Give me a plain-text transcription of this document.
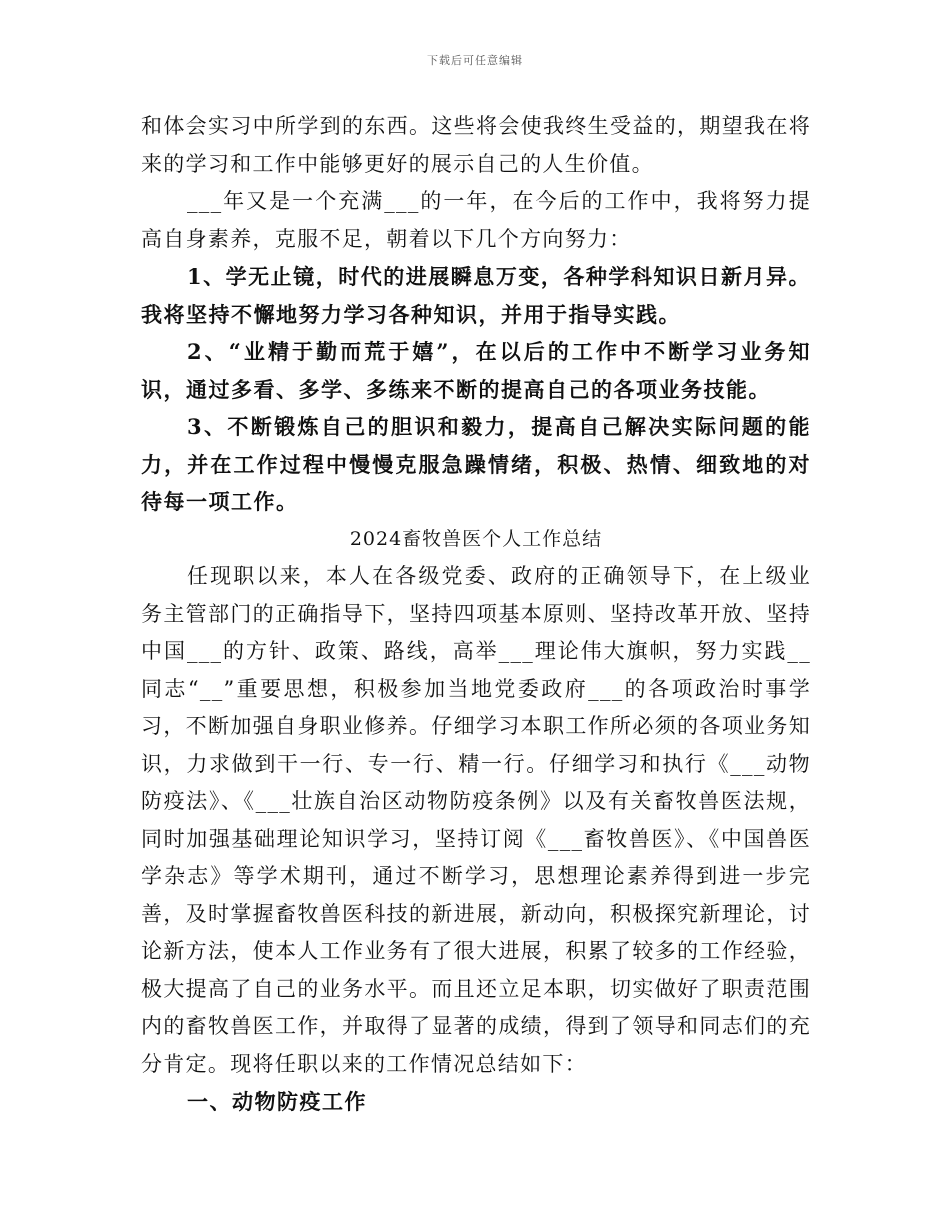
下载后可任意编辑

和体会实习中所学到的东西。这些将会使我终生受益的，期望我在将来的学习和工作中能够更好的展示自己的人生价值。

___年又是一个充满___的一年，在今后的工作中，我将努力提高自身素养，克服不足，朝着以下几个方向努力：

1、学无止镜，时代的进展瞬息万变，各种学科知识日新月异。我将坚持不懈地努力学习各种知识，并用于指导实践。

2、“业精于勤而荒于嬉”，在以后的工作中不断学习业务知识，通过多看、多学、多练来不断的提高自己的各项业务技能。

3、不断锻炼自己的胆识和毅力，提高自己解决实际问题的能力，并在工作过程中慢慢克服急躁情绪，积极、热情、细致地的对待每一项工作。

2024畜牧兽医个人工作总结

任现职以来，本人在各级党委、政府的正确领导下，在上级业务主管部门的正确指导下，坚持四项基本原则、坚持改革开放、坚持中国___的方针、政策、路线，高举___理论伟大旗帜，努力实践__同志“__”重要思想，积极参加当地党委政府___的各项政治时事学习，不断加强自身职业修养。仔细学习本职工作所必须的各项业务知识，力求做到干一行、专一行、精一行。仔细学习和执行《___动物防疫法》、《___壮族自治区动物防疫条例》以及有关畜牧兽医法规，同时加强基础理论知识学习，坚持订阅《___畜牧兽医》、《中国兽医学杂志》等学术期刊，通过不断学习，思想理论素养得到进一步完善，及时掌握畜牧兽医科技的新进展，新动向，积极探究新理论，讨论新方法，使本人工作业务有了很大进展，积累了较多的工作经验，极大提高了自己的业务水平。而且还立足本职，切实做好了职责范围内的畜牧兽医工作，并取得了显著的成绩，得到了领导和同志们的充分肯定。现将任职以来的工作情况总结如下：

一、动物防疫工作
